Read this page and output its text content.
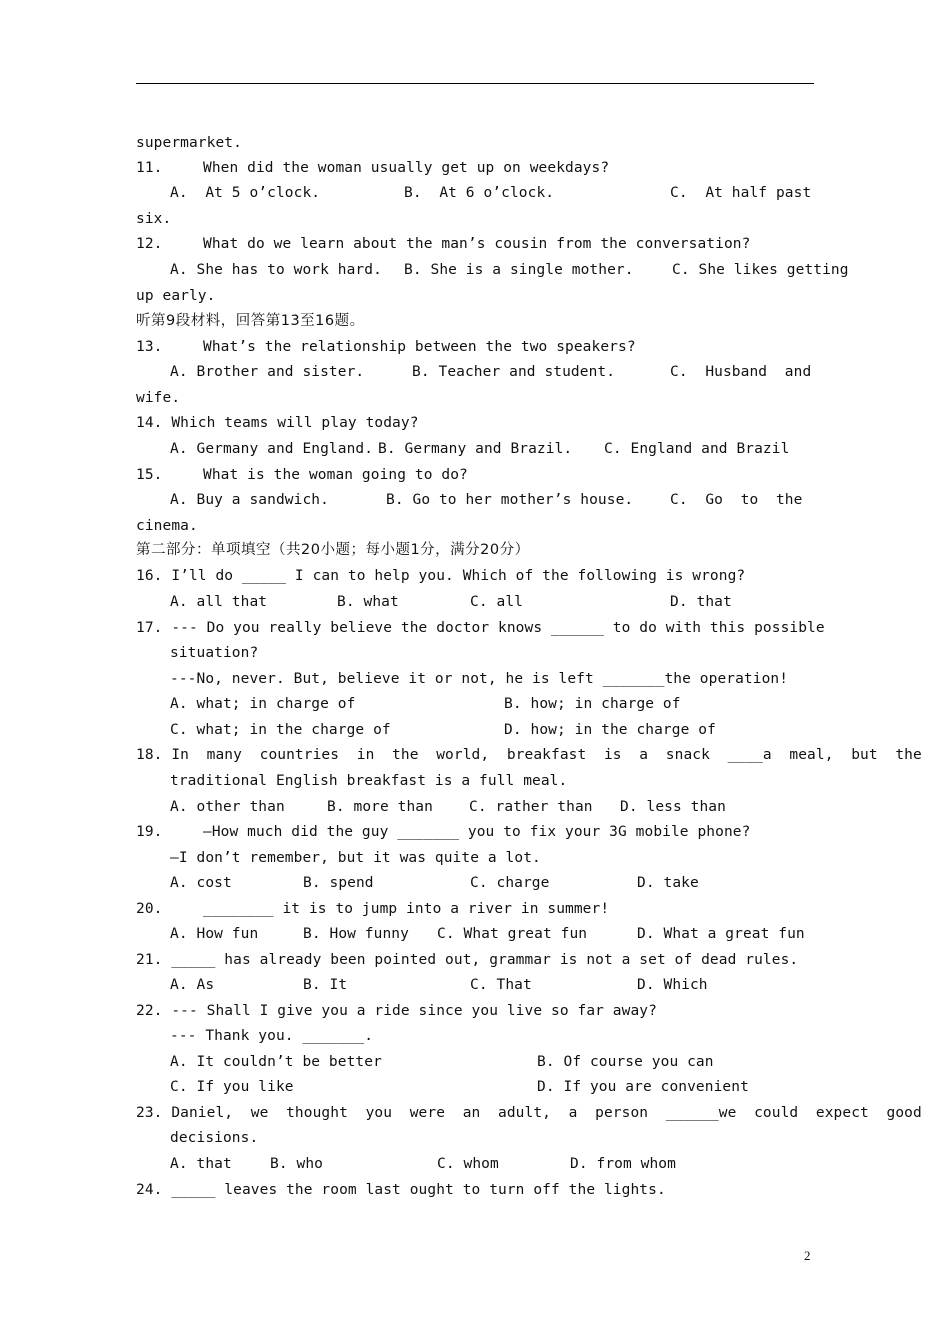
supermarket.
11.	When did the woman usually get up on weekdays?
A.  At 5 o’clock.	B.  At 6 o’clock.	C.  At half past
six.
12.	What do we learn about the man’s cousin from the conversation?
A. She has to work hard. B. She is a single mother.	C. She likes getting
up early.
听第9段材料，回答第13至16题。
13.	What’s the relationship between the two speakers?
A. Brother and sister.	B. Teacher and student.	C.  Husband  and
wife.
14. Which teams will play today?
A. Germany and England. B. Germany and Brazil. C. England and Brazil
15.	What is the woman going to do?
A. Buy a sandwich.	B. Go to her mother’s house.	C.  Go  to  the
cinema.
第二部分：单项填空（共20小题；每小题1分，满分20分）
16. I’ll do _____ I can to help you. Which of the following is wrong?
A. all that	B. what	C. all	D. that
17. --- Do you really believe the doctor knows ______ to do with this possible
situation?
---No, never. But, believe it or not, he is left _______the operation!
A. what; in charge of	B. how; in charge of
C. what; in the charge of	D. how; in the charge of
18. In  many  countries  in  the  world,  breakfast  is  a  snack  ____a  meal,  but  the
traditional English breakfast is a full meal.
A. other than	B. more than C. rather than D. less than
19.	—How much did the guy _______ you to fix your 3G mobile phone?
—I don’t remember, but it was quite a lot.
A. cost	B. spend	C. charge	D. take
20.	________ it is to jump into a river in summer!
A. How fun	B. How funny C. What great fun	D. What a great fun
21. _____ has already been pointed out, grammar is not a set of dead rules.
A. As	B. It	C. That	D. Which
22. --- Shall I give you a ride since you live so far away?
--- Thank you. _______.
A. It couldn’t be better	B. Of course you can
C. If you like	D. If you are convenient
23. Daniel,  we  thought  you  were  an  adult,  a  person  ______we  could  expect  good
decisions.
A. that	B. who	C. whom	D. from whom
24. _____ leaves the room last ought to turn off the lights.
2
